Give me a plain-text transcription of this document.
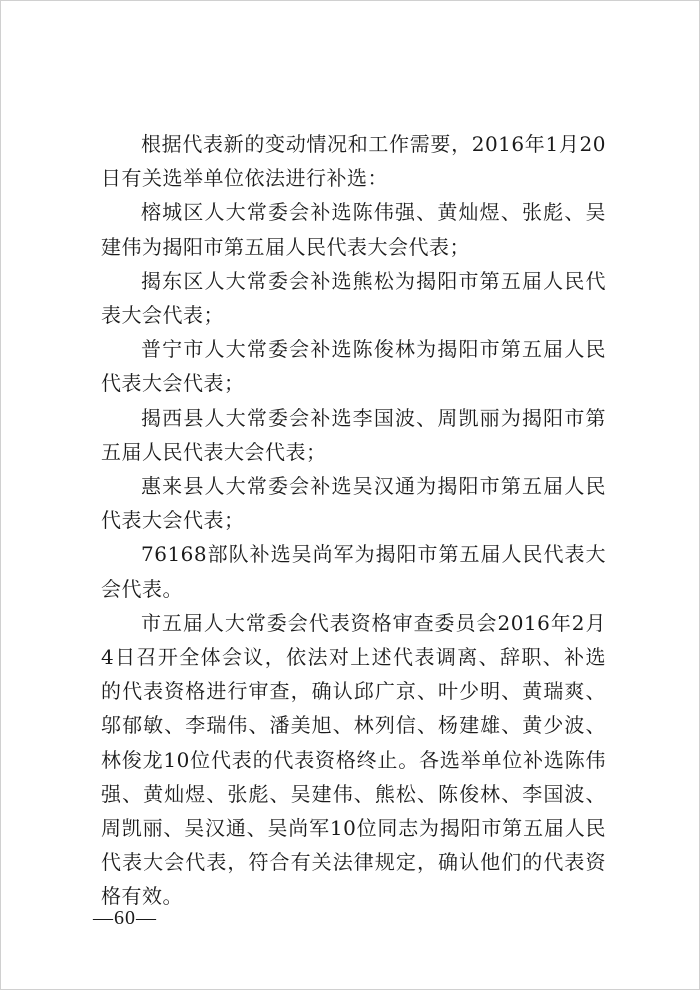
根据代表新的变动情况和工作需要，2016年1月20日有关选举单位依法进行补选：

榕城区人大常委会补选陈伟强、黄灿煜、张彪、吴建伟为揭阳市第五届人民代表大会代表；

揭东区人大常委会补选熊松为揭阳市第五届人民代表大会代表；

普宁市人大常委会补选陈俊林为揭阳市第五届人民代表大会代表；

揭西县人大常委会补选李国波、周凯丽为揭阳市第五届人民代表大会代表；

惠来县人大常委会补选吴汉通为揭阳市第五届人民代表大会代表；

76168部队补选吴尚军为揭阳市第五届人民代表大会代表。

市五届人大常委会代表资格审查委员会2016年2月4日召开全体会议，依法对上述代表调离、辞职、补选的代表资格进行审查，确认邱广京、叶少明、黄瑞爽、邬郁敏、李瑞伟、潘美旭、林列信、杨建雄、黄少波、林俊龙10位代表的代表资格终止。各选举单位补选陈伟强、黄灿煜、张彪、吴建伟、熊松、陈俊林、李国波、周凯丽、吴汉通、吴尚军10位同志为揭阳市第五届人民代表大会代表，符合有关法律规定，确认他们的代表资格有效。

—60—
